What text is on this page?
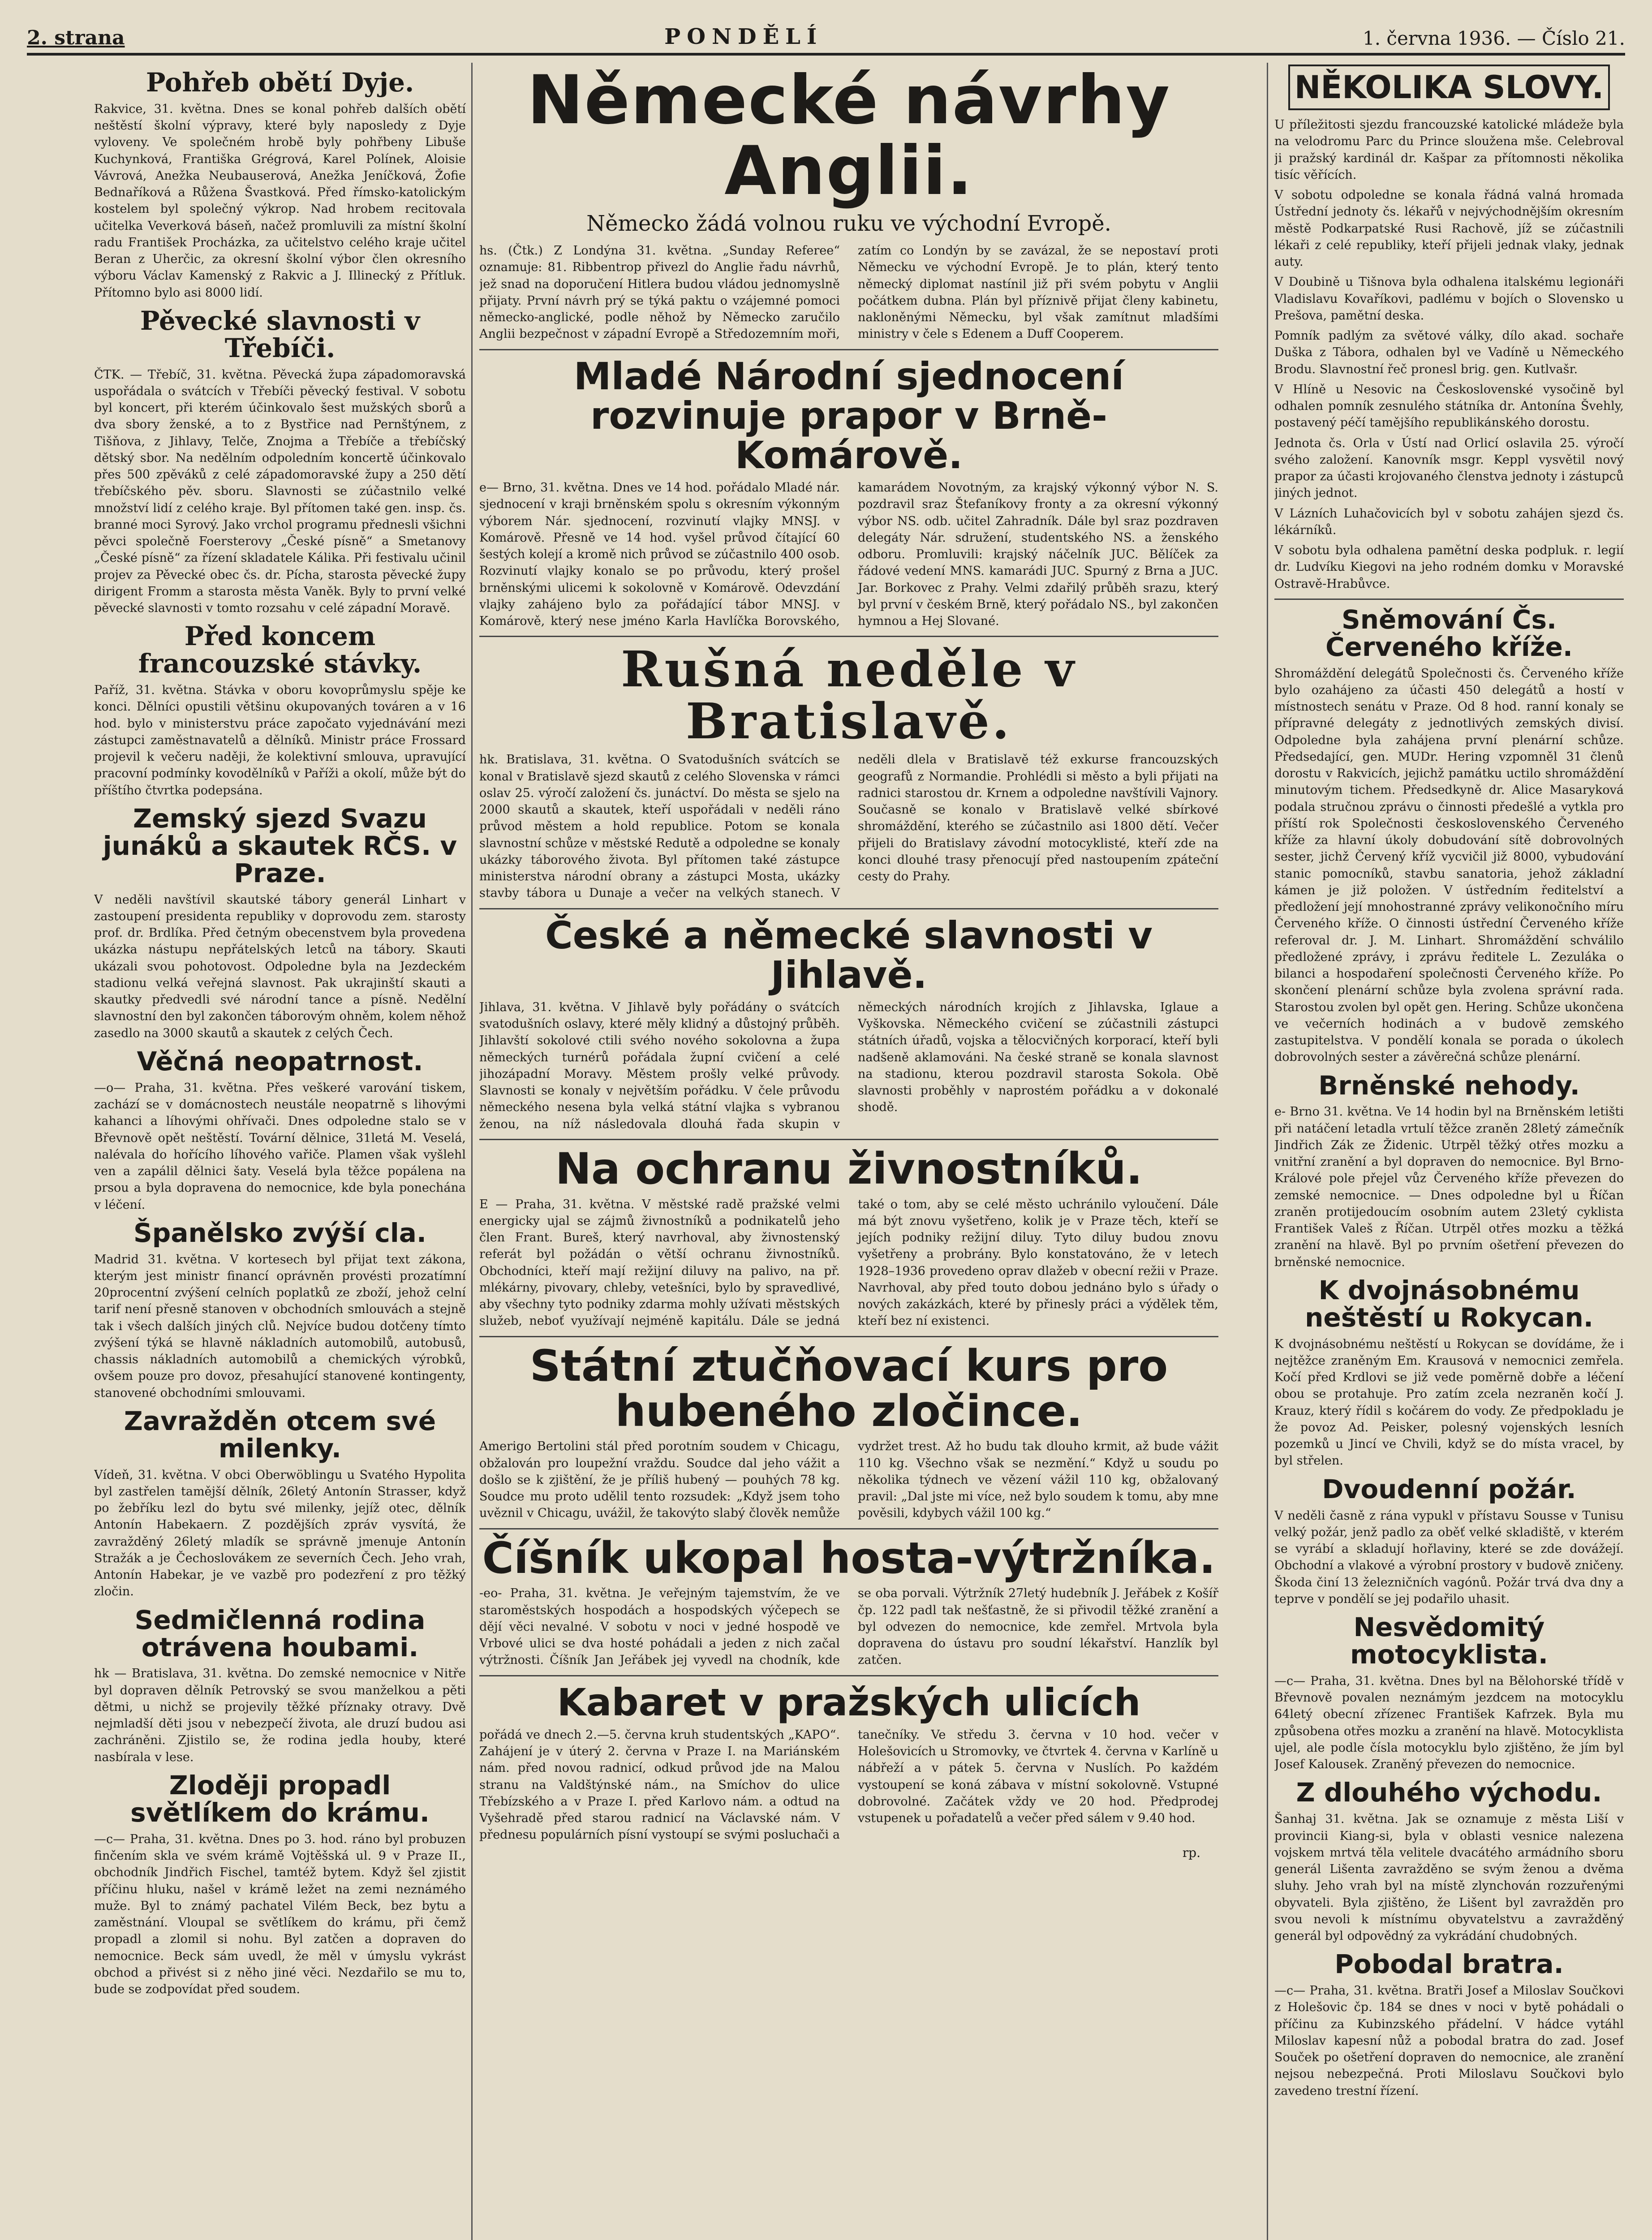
2. strana	PONDĚLÍ	1. června 1936. — Číslo 21.
Pohřeb obětí Dyje.

Rakvice, 31. května. Dnes se konal pohřeb dalších obětí neštěstí školní výpravy, které byly naposledy z Dyje vyloveny. Ve společném hrobě byly pohřbeny Libuše Kuchynková, Františka Grégrová, Karel Polínek, Aloisie Vávrová, Anežka Neubauserová, Anežka Jeníčková, Žofie Bednaříková a Růžena Švastková. Před římsko-katolickým kostelem byl společný výkrop. Nad hrobem recitovala učitelka Veverková báseň, načež promluvili za místní školní radu František Procházka, za učitelstvo celého kraje učitel Beran z Uherčic, za okresní školní výbor člen okresního výboru Václav Kamenský z Rakvic a J. Illinecký z Přítluk. Přítomno bylo asi 8000 lidí.

Pěvecké slavnosti v Třebíči.

ČTK. — Třebíč, 31. května. Pěvecká župa západomoravská uspořádala o svátcích v Třebíči pěvecký festival. V sobotu byl koncert, při kterém účinkovalo šest mužských sborů a dva sbory ženské, a to z Bystřice nad Pernštýnem, z Tišňova, z Jihlavy, Telče, Znojma a Třebíče a třebíčský dětský sbor. Na nedělním odpoledním koncertě účinkovalo přes 500 zpěváků z celé západomoravské župy a 250 dětí třebíčského pěv. sboru. Slavnosti se zúčastnilo velké množství lidí z celého kraje. Byl přítomen také gen. insp. čs. branné moci Syrový. Jako vrchol programu přednesli všichni pěvci společně Foersterovy „České písně“ a Smetanovy „České písně“ za řízení skladatele Kálika. Při festivalu učinil projev za Pěvecké obec čs. dr. Pícha, starosta pěvecké župy dirigent Fromm a starosta města Vaněk. Byly to první velké pěvecké slavnosti v tomto rozsahu v celé západní Moravě.

Před koncem francouzské stávky.

Paříž, 31. května. Stávka v oboru kovoprůmyslu spěje ke konci. Dělníci opustili většinu okupovaných továren a v 16 hod. bylo v ministerstvu práce započato vyjednávání mezi zástupci zaměstnavatelů a dělníků. Ministr práce Frossard projevil k večeru naději, že kolektivní smlouva, upravující pracovní podmínky kovodělníků v Paříži a okolí, může být do příštího čtvrtka podepsána.

Zemský sjezd Svazu junáků a skautek RČS. v Praze.

V neděli navštívil skautské tábory generál Linhart v zastoupení presidenta republiky v doprovodu zem. starosty prof. dr. Brdlíka. Před četným obecenstvem byla provedena ukázka nástupu nepřátelských letců na tábory. Skauti ukázali svou pohotovost. Odpoledne byla na Jezdeckém stadionu velká veřejná slavnost. Pak ukrajinští skauti a skautky předvedli své národní tance a písně. Nedělní slavnostní den byl zakončen táborovým ohněm, kolem něhož zasedlo na 3000 skautů a skautek z celých Čech.

Věčná neopatrnost.

—o— Praha, 31. května. Přes veškeré varování tiskem, zachází se v domácnostech neustále neopatrně s lihovými kahanci a líhovými ohřívači. Dnes odpoledne stalo se v Břevnově opět neštěstí. Tovární dělnice, 31letá M. Veselá, nalévala do hořícího líhového vařiče. Plamen však vyšlehl ven a zapálil dělnici šaty. Veselá byla těžce popálena na prsou a byla dopravena do nemocnice, kde byla ponechána v léčení.

Španělsko zvýší cla.

Madrid 31. května. V kortesech byl přijat text zákona, kterým jest ministr financí oprávněn provésti prozatímní 20procentní zvýšení celních poplatků ze zboží, jehož celní tarif není přesně stanoven v obchodních smlouvách a stejně tak i všech dalších jiných clů. Nejvíce budou dotčeny tímto zvýšení týká se hlavně nákladních automobilů, autobusů, chassis nákladních automobilů a chemických výrobků, ovšem pouze pro dovoz, přesahující stanovené kontingenty, stanovené obchodními smlouvami.

Zavražděn otcem své milenky.

Vídeň, 31. května. V obci Oberwöblingu u Svatého Hypolita byl zastřelen tamější dělník, 26letý Antonín Strasser, když po žebříku lezl do bytu své milenky, jejíž otec, dělník Antonín Habekaern. Z pozdějších zpráv vysvítá, že zavražděný 26letý mladík se správně jmenuje Antonín Stražák a je Čechoslovákem ze severních Čech. Jeho vrah, Antonín Habekar, je ve vazbě pro podezření z pro těžký zločin.

Sedmičlenná rodina otrávena houbami.

hk — Bratislava, 31. května. Do zemské nemocnice v Nitře byl dopraven dělník Petrovský se svou manželkou a pěti dětmi, u nichž se projevily těžké příznaky otravy. Dvě nejmladší děti jsou v nebezpečí života, ale druzí budou asi zachráněni. Zjistilo se, že rodina jedla houby, které nasbírala v lese.

Zloději propadl světlíkem do krámu.

—c— Praha, 31. května. Dnes po 3. hod. ráno byl probuzen finčením skla ve svém krámě Vojtěšská ul. 9 v Praze II., obchodník Jindřich Fischel, tamtéž bytem. Když šel zjistit příčinu hluku, našel v krámě ležet na zemi neznámého muže. Byl to známý pachatel Vilém Beck, bez bytu a zaměstnání. Vloupal se světlíkem do krámu, při čemž propadl a zlomil si nohu. Byl zatčen a dopraven do nemocnice. Beck sám uvedl, že měl v úmyslu vykrást obchod a přivést si z něho jiné věci. Nezdařilo se mu to, bude se zodpovídat před soudem.

Německé návrhy Anglii.
Německo žádá volnou ruku ve východní Evropě.

hs. (Čtk.) Z Londýna 31. května. „Sunday Referee“ oznamuje: 81. Ribbentrop přivezl do Anglie řadu návrhů, jež snad na doporučení Hitlera budou vládou jednomyslně přijaty. První návrh prý se týká paktu o vzájemné pomoci německo-anglické, podle něhož by Německo zaručilo Anglii bezpečnost v západní Evropě a Středozemním moři, zatím co Londýn by se zavázal, že se nepostaví proti Německu ve východní Evropě. Je to plán, který tento německý diplomat nastínil již při svém pobytu v Anglii počátkem dubna. Plán byl příznivě přijat členy kabinetu, nakloněnými Německu, byl však zamítnut mladšími ministry v čele s Edenem a Duff Cooperem.

Mladé Národní sjednocení rozvinuje prapor v Brně-Komárově.

e— Brno, 31. května. Dnes ve 14 hod. pořádalo Mladé nár. sjednocení v kraji brněnském spolu s okresním výkonným výborem Nár. sjednocení, rozvinutí vlajky MNSJ. v Komárově. Přesně ve 14 hod. vyšel průvod čítající 60 šestých kolejí a kromě nich průvod se zúčastnilo 400 osob. Rozvinutí vlajky konalo se po průvodu, který prošel brněnskými ulicemi k sokolovně v Komárově. Odevzdání vlajky zahájeno bylo za pořádající tábor MNSJ. v Komárově, který nese jméno Karla Havlíčka Borovského, kamarádem Novotným, za krajský výkonný výbor N. S. pozdravil sraz Štefaníkovy fronty a za okresní výkonný výbor NS. odb. učitel Zahradník. Dále byl sraz pozdraven delegáty Nár. sdružení, studentského NS. a ženského odboru. Promluvili: krajský náčelník JUC. Bělíček za řádové vedení MNS. kamarádi JUC. Spurný z Brna a JUC. Jar. Borkovec z Prahy. Velmi zdařilý průběh srazu, který byl první v českém Brně, který pořádalo NS., byl zakončen hymnou a Hej Slované.

Rušná neděle v Bratislavě.

hk. Bratislava, 31. května. O Svatodušních svátcích se konal v Bratislavě sjezd skautů z celého Slovenska v rámci oslav 25. výročí založení čs. junáctví. Do města se sjelo na 2000 skautů a skautek, kteří uspořádali v neděli ráno průvod městem a hold republice. Potom se konala slavnostní schůze v městské Redutě a odpoledne se konaly ukázky táborového života. Byl přítomen také zástupce ministerstva národní obrany a zástupci Mosta, ukázky stavby tábora u Dunaje a večer na velkých stanech. V neděli dlela v Bratislavě též exkurse francouzských geografů z Normandie. Prohlédli si město a byli přijati na radnici starostou dr. Krnem a odpoledne navštívili Vajnory. Současně se konalo v Bratislavě velké sbírkové shromáždění, kterého se zúčastnilo asi 1800 dětí. Večer přijeli do Bratislavy závodní motocyklisté, kteří zde na konci dlouhé trasy přenocují před nastoupením zpáteční cesty do Prahy.

České a německé slavnosti v Jihlavě.

Jihlava, 31. května. V Jihlavě byly pořádány o svátcích svatodušních oslavy, které měly klidný a důstojný průběh. Jihlavští sokolové ctili svého nového sokolovna a župa německých turnérů pořádala župní cvičení a celé jihozápadní Moravy. Městem prošly velké průvody. Slavnosti se konaly v největším pořádku. V čele průvodu německého nesena byla velká státní vlajka s vybranou ženou, na níž následovala dlouhá řada skupin v německých národních krojích z Jihlavska, Iglaue a Vyškovska. Německého cvičení se zúčastnili zástupci státních úřadů, vojska a tělocvičných korporací, kteří byli nadšeně aklamováni. Na české straně se konala slavnost na stadionu, kterou pozdravil starosta Sokola. Obě slavnosti proběhly v naprostém pořádku a v dokonalé shodě.

Na ochranu živnostníků.

E — Praha, 31. května. V městské radě pražské velmi energicky ujal se zájmů živnostníků a podnikatelů jeho člen Frant. Bureš, který navrhoval, aby živnostenský referát byl požádán o větší ochranu živnostníků. Obchodníci, kteří mají režijní diluvy na palivo, na př. mlékárny, pivovary, chleby, vetešníci, bylo by spravedlivé, aby všechny tyto podniky zdarma mohly užívati městských služeb, neboť využívají nejméně kapitálu. Dále se jedná také o tom, aby se celé město uchránilo vyloučení. Dále má být znovu vyšetřeno, kolik je v Praze těch, kteří se jejích podniky režijní diluy. Tyto diluy budou znovu vyšetřeny a probrány. Bylo konstatováno, že v letech 1928–1936 provedeno oprav dlažeb v obecní režii v Praze. Navrhoval, aby před touto dobou jednáno bylo s úřady o nových zakázkách, které by přinesly práci a výdělek těm, kteří bez ní existenci.

Státní ztučňovací kurs pro hubeného zločince.

Amerigo Bertolini stál před porotním soudem v Chicagu, obžalován pro loupežní vraždu. Soudce dal jeho vážit a došlo se k zjištění, že je příliš hubený — pouhých 78 kg. Soudce mu proto udělil tento rozsudek: „Když jsem toho uvěznil v Chicagu, uvážil, že takovýto slabý člověk nemůže vydržet trest. Až ho budu tak dlouho krmit, až bude vážit 110 kg. Všechno však se nezmění.“ Když u soudu po několika týdnech ve vězení vážil 110 kg, obžalovaný pravil: „Dal jste mi více, než bylo soudem k tomu, aby mne pověsili, kdybych vážil 100 kg.“

Číšník ukopal hosta-výtržníka.

-eo- Praha, 31. května. Je veřejným tajemstvím, že ve staroměstských hospodách a hospodských výčepech se dějí věci nevalné. V sobotu v noci v jedné hospodě ve Vrbové ulici se dva hosté pohádali a jeden z nich začal výtržnosti. Číšník Jan Jeřábek jej vyvedl na chodník, kde se oba porvali. Výtržník 27letý hudebník J. Jeřábek z Košíř čp. 122 padl tak nešťastně, že si přivodil těžké zranění a byl odvezen do nemocnice, kde zemřel. Mrtvola byla dopravena do ústavu pro soudní lékařství. Hanzlík byl zatčen.

Kabaret v pražských ulicích

pořádá ve dnech 2.—5. června kruh studentských „KAPO“. Zahájení je v úterý 2. června v Praze I. na Mariánském nám. před novou radnicí, odkud průvod jde na Malou stranu na Valdštýnské nám., na Smíchov do ulice Třebízského a v Praze I. před Karlovo nám. a odtud na Vyšehradě před starou radnicí na Václavské nám. V přednesu populárních písní vystoupí se svými posluchači a tanečníky. Ve středu 3. června v 10 hod. večer v Holešovicích u Stromovky, ve čtvrtek 4. června v Karlíně u nábřeží a v pátek 5. června v Nuslích. Po každém vystoupení se koná zábava v místní sokolovně. Vstupné dobrovolné. Začátek vždy ve 20 hod. Předprodej vstupenek u pořadatelů a večer před sálem v 9.40 hod.

rp.
NĚKOLIKA SLOVY.

U příležitosti sjezdu francouzské katolické mládeže byla na velodromu Parc du Prince sloužena mše. Celebroval ji pražský kardinál dr. Kašpar za přítomnosti několika tisíc věřících.

V sobotu odpoledne se konala řádná valná hromada Ústřední jednoty čs. lékařů v nejvýchodnějším okresním městě Podkarpatské Rusi Rachově, jíž se zúčastnili lékaři z celé republiky, kteří přijeli jednak vlaky, jednak auty.

V Doubině u Tišnova byla odhalena italskému legionáři Vladislavu Kovaříkovi, padlému v bojích o Slovensko u Prešova, pamětní deska.

Pomník padlým za světové války, dílo akad. sochaře Duška z Tábora, odhalen byl ve Vadíně u Německého Brodu. Slavnostní řeč pronesl brig. gen. Kutlvašr.

V Hlíně u Nesovic na Československé vysočině byl odhalen pomník zesnulého státníka dr. Antonína Švehly, postavený péčí tamějšího republikánského dorostu.

Jednota čs. Orla v Ústí nad Orlicí oslavila 25. výročí svého založení. Kanovník msgr. Keppl vysvětil nový prapor za účasti krojovaného členstva jednoty i zástupců jiných jednot.

V Lázních Luhačovicích byl v sobotu zahájen sjezd čs. lékárníků.

V sobotu byla odhalena pamětní deska podpluk. r. legií dr. Ludvíku Kiegovi na jeho rodném domku v Moravské Ostravě-Hrabůvce.

Sněmování Čs. Červeného kříže.

Shromáždění delegátů Společnosti čs. Červeného kříže bylo ozahájeno za účasti 450 delegátů a hostí v místnostech senátu v Praze. Od 8 hod. ranní konaly se přípravné delegáty z jednotlivých zemských divisí. Odpoledne byla zahájena první plenární schůze. Předsedající, gen. MUDr. Hering vzpomněl 31 členů dorostu v Rakvicích, jejichž památku uctilo shromáždění minutovým tichem. Předsedkyně dr. Alice Masaryková podala stručnou zprávu o činnosti předešlé a vytkla pro příští rok Společnosti československého Červeného kříže za hlavní úkoly dobudování sítě dobrovolných sester, jichž Červený kříž vycvičil již 8000, vybudování stanic pomocníků, stavbu sanatoria, jehož základní kámen je již položen. V ústředním ředitelství a předložení její mnohostranné zprávy velikonočního míru Červeného kříže. O činnosti ústřední Červeného kříže referoval dr. J. M. Linhart. Shromáždění schválilo předložené zprávy, i zprávu ředitele L. Zezuláka o bilanci a hospodaření společnosti Červeného kříže. Po skončení plenární schůze byla zvolena správní rada. Starostou zvolen byl opět gen. Hering. Schůze ukončena ve večerních hodinách a v budově zemského zastupitelstva. V pondělí konala se porada o úkolech dobrovolných sester a závěrečná schůze plenární.

Brněnské nehody.

e- Brno 31. května. Ve 14 hodin byl na Brněnském letišti při natáčení letadla vrtulí těžce zraněn 28letý zámečník Jindřich Zák ze Židenic. Utrpěl těžký otřes mozku a vnitřní zranění a byl dopraven do nemocnice. Byl Brno-Králové pole přejel vůz Červeného kříže převezen do zemské nemocnice. — Dnes odpoledne byl u Říčan zraněn protijedoucím osobním autem 23letý cyklista František Valeš z Říčan. Utrpěl otřes mozku a těžká zranění na hlavě. Byl po prvním ošetření převezen do brněnské nemocnice.

K dvojnásobnému neštěstí u Rokycan.

K dvojnásobnému neštěstí u Rokycan se dovídáme, že i nejtěžce zraněným Em. Krausová v nemocnici zemřela. Kočí před Krdlovi se již vede poměrně dobře a léčení obou se protahuje. Pro zatím zcela nezraněn kočí J. Krauz, který řídil s kočárem do vody. Ze předpokladu je že povoz Ad. Peisker, polesný vojenských lesních pozemků u Jincí ve Chvili, když se do místa vracel, by byl střelen.

Dvoudenní požár.

V neděli časně z rána vypukl v přístavu Sousse v Tunisu velký požár, jenž padlo za oběť velké skladiště, v kterém se vyrábí a skladují hořlaviny, které se zde dovážejí. Obchodní a vlakové a výrobní prostory v budově zničeny. Škoda činí 13 železničních vagónů. Požár trvá dva dny a teprve v pondělí se jej podařilo uhasit.

Nesvědomitý motocyklista.

—c— Praha, 31. května. Dnes byl na Bělohorské třídě v Břevnově povalen neznámým jezdcem na motocyklu 64letý obecní zřízenec František Kafrzek. Byla mu způsobena otřes mozku a zranění na hlavě. Motocyklista ujel, ale podle čísla motocyklu bylo zjištěno, že jím byl Josef Kalousek. Zraněný převezen do nemocnice.

Z dlouhého východu.

Šanhaj 31. května. Jak se oznamuje z města Liší v provincii Kiang-si, byla v oblasti vesnice nalezena vojskem mrtvá těla velitele dvacátého armádního sboru generál Lišenta zavražděno se svým ženou a dvěma sluhy. Jeho vrah byl na místě zlynchován rozzuřenými obyvateli. Byla zjištěno, že Lišent byl zavražděn pro svou nevoli k místnímu obyvatelstvu a zavražděný generál byl odpovědný za vykrádání chudobných.

Pobodal bratra.

—c— Praha, 31. května. Bratři Josef a Miloslav Součkovi z Holešovic čp. 184 se dnes v noci v bytě pohádali o příčinu za Kubinzského přádelní. V hádce vytáhl Miloslav kapesní nůž a pobodal bratra do zad. Josef Souček po ošetření dopraven do nemocnice, ale zranění nejsou nebezpečná. Proti Miloslavu Součkovi bylo zavedeno trestní řízení.
